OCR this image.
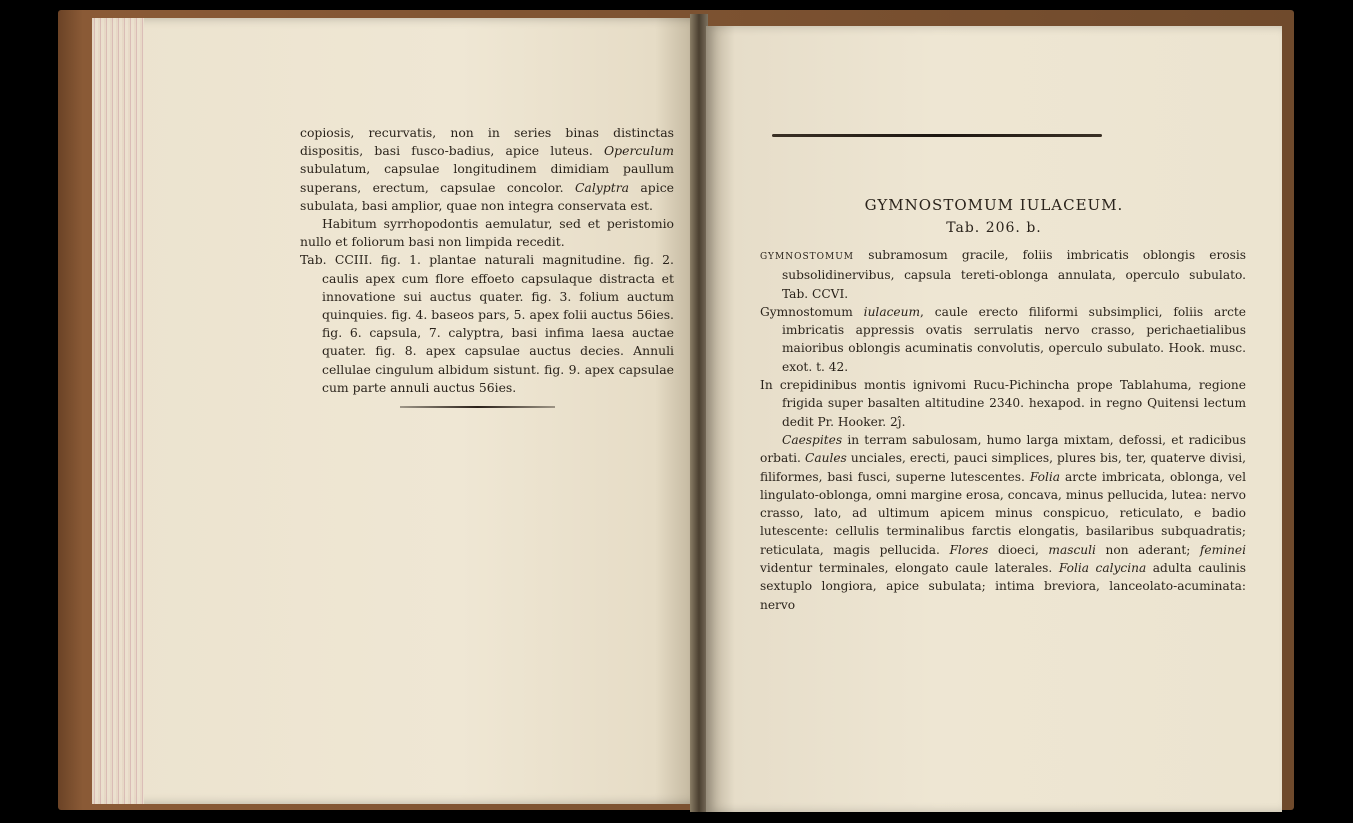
copiosis, recurvatis, non in series binas distinctas dispositis, basi fusco-badius, apice luteus. Operculum subulatum, capsulae longitudinem dimidiam paullum superans, erectum, capsulae concolor. Calyptra apice subulata, basi amplior, quae non integra conservata est.

Habitum syrrhopodontis aemulatur, sed et peristomio nullo et foliorum basi non limpida recedit.

Tab. CCIII. fig. 1. plantae naturali magnitudine. fig. 2. caulis apex cum flore effoeto capsulaque distracta et innovatione sui auctus quater. fig. 3. folium auctum quinquies. fig. 4. baseos pars, 5. apex folii auctus 56ies. fig. 6. capsula, 7. calyptra, basi infima laesa auctae quater. fig. 8. apex capsulae auctus decies. Annuli cellulae cingulum albidum sistunt. fig. 9. apex capsulae cum parte annuli auctus 56ies.

GYMNOSTOMUM IULACEUM.
Tab. 206. b.

GYMNOSTOMUM subramosum gracile, foliis imbricatis oblongis erosis subsolidinervibus, capsula tereti-oblonga annulata, operculo subulato. Tab. CCVI.

Gymnostomum iulaceum, caule erecto filiformi subsimplici, foliis arcte imbricatis appressis ovatis serrulatis nervo crasso, perichaetialibus maioribus oblongis acuminatis convolutis, operculo subulato. Hook. musc. exot. t. 42.

In crepidinibus montis ignivomi Rucu-Pichincha prope Tablahuma, regione frigida super basalten altitudine 2340. hexapod. in regno Quitensi lectum dedit Pr. Hooker. 2ĵ.

Caespites in terram sabulosam, humo larga mixtam, defossi, et radicibus orbati. Caules unciales, erecti, pauci simplices, plures bis, ter, quaterve divisi, filiformes, basi fusci, superne lutescentes. Folia arcte imbricata, oblonga, vel lingulato-oblonga, omni margine erosa, concava, minus pellucida, lutea: nervo crasso, lato, ad ultimum apicem minus conspicuo, reticulato, e badio lutescente: cellulis terminalibus farctis elongatis, basilaribus subquadratis; reticulata, magis pellucida. Flores dioeci, masculi non aderant; feminei videntur terminales, elongato caule laterales. Folia calycina adulta caulinis sextuplo longiora, apice subulata; intima breviora, lanceolato-acuminata: nervo
